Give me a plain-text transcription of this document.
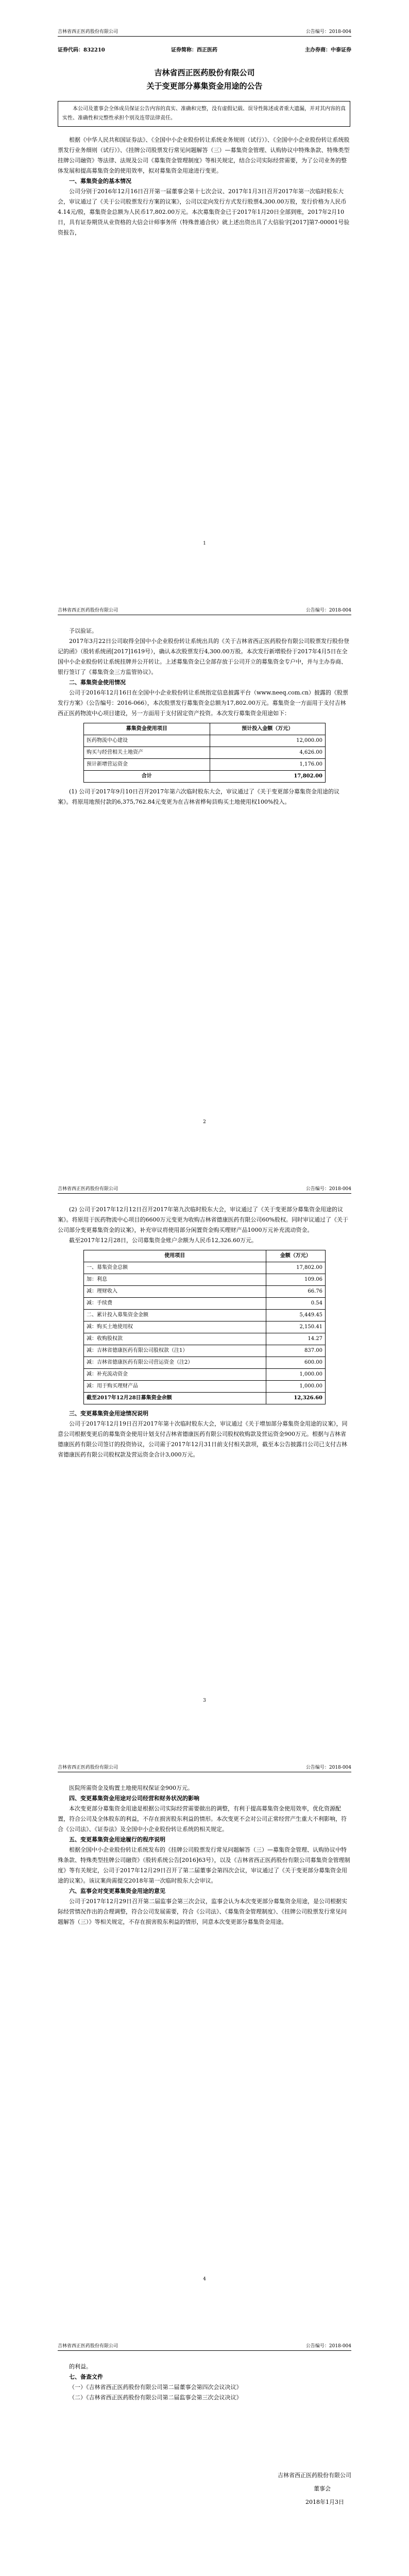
吉林省西正医药股份有限公司	公告编号：2018-004
证券代码：832210	证券简称：西正医药	主办券商：中泰证券
吉林省西正医药股份有限公司
关于变更部分募集资金用途的公告
本公司及董事会全体成员保证公告内容的真实、准确和完整，没有虚假记载、误导性陈述或者重大遗漏，并对其内容的真实性、准确性和完整性承担个别及连带法律责任。

根据《中华人民共和国证券法》、《全国中小企业股份转让系统业务规则（试行）》、《全国中小企业股份转让系统股票发行业务细则（试行）》、《挂牌公司股票发行常见问题解答（三）—募集资金管理、认购协议中特殊条款、特殊类型挂牌公司融资》等法律、法规及公司《募集资金管理制度》等相关规定，结合公司实际经营需要，为了公司业务的整体发展和提高募集资金的使用效率，拟对募集资金用途进行变更。

一、募集资金的基本情况

公司分别于2016年12月16日召开第一届董事会第十七次会议、2017年1月3日召开2017年第一次临时股东大会，审议通过了《关于公司股票发行方案的议案》，公司以定向发行方式发行股票4,300.00万股，发行价格为人民币4.14元/股，募集资金总额为人民币17,802.00万元。本次募集资金已于2017年1月20日全部到账，2017年2月10日，具有证券期货从业资格的大信会计师事务所（特殊普通合伙）就上述出资出具了大信验字[2017]第7-00001号验资报告，

1
吉林省西正医药股份有限公司	公告编号：2018-004

予以验证。

2017年3月22日公司取得全国中小企业股份转让系统出具的《关于吉林省西正医药股份有限公司股票发行股份登记的函》（股转系统函[2017]1619号），确认本次股票发行4,300.00万股。本次发行新增股份于2017年4月5日在全国中小企业股份转让系统挂牌并公开转让。上述募集资金已全部存放于公司开立的募集资金专户中，并与主办券商、银行签订了《募集资金三方监管协议》。

二、募集资金使用情况

公司于2016年12月16日在全国中小企业股份转让系统指定信息披露平台（www.neeq.com.cn）披露的《股票发行方案》（公告编号：2016-066），本次股票发行募集资金总额为17,802.00万元。募集资金一方面用于支付吉林西正医药物流中心项目建设，另一方面用于支付固定资产投资。本次发行募集资金用途如下：

募集资金使用项目	预计投入金额（万元）
医药物流中心建设	12,000.00
购买与经营相关土地资产	4,626.00
预计新增营运资金	1,176.00
合计	17,802.00

(1) 公司于2017年9月10日召开2017年第六次临时股东大会，审议通过了《关于变更部分募集资金用途的议案》。将原用地预付款的6,375,762.84元变更为在吉林省桦甸县购买土地使用权100%投入。

2
吉林省西正医药股份有限公司	公告编号：2018-004

(2) 公司于2017年12月12日召开2017年第九次临时股东大会，审议通过了《关于变更部分募集资金用途的议案》。将原用于医药物流中心项目的6600万元变更为收购吉林省德康医药有限公司60%股权。同时审议通过了《关于公司部分变更募集资金的议案》，补充审议将使用部分闲置资金购买理财产品1000万元补充流动资金。

截至2017年12月28日，公司募集资金账户余额为人民币12,326.60万元。

使用项目	金额（万元）
一、募集资金总额	17,802.00
加：利息	109.06
减：理财收入	66.76
减：手续费	0.54
二、累计投入募集资金金额	5,449.45
减：购买土地使用权	2,150.41
减：收购股权款	14.27
减：吉林省德康医药有限公司股权款（注1）	837.00
减：吉林省德康医药有限公司营运资金（注2）	600.00
减：补充流动资金	1,000.00
减：用于购买理财产品	1,000.00
截至2017年12月28日募集资金余额	12,326.60

三、变更募集资金用途情况说明

公司于2017年12月19日召开2017年第十次临时股东大会，审议通过《关于增加部分募集资金用途的议案》，同意公司根据变更后的募集资金使用计划支付吉林省德康医药有限公司股权收购款及营运资金900万元。根据与吉林省德康医药有限公司签订的投资协议，公司需于2017年12月31日前支付相关款项，截至本公告披露日公司已支付吉林省德康医药有限公司股权款及营运资金合计3,000万元。

3
吉林省西正医药股份有限公司	公告编号：2018-004

医院所需资金及购置土地使用权保证金900万元。

四、变更募集资金用途对公司经营和财务状况的影响

本次变更部分募集资金用途是根据公司实际经营需要做出的调整，有利于提高募集资金使用效率，优化资源配置，符合公司及全体股东的利益，不存在损害股东利益的情形。本次变更不会对公司正常经营产生重大不利影响，符合《公司法》、《证券法》及全国中小企业股份转让系统的相关规定。

五、变更募集资金用途履行的程序说明

根据全国中小企业股份转让系统发布的《挂牌公司股票发行常见问题解答（三）—募集资金管理、认购协议中特殊条款、特殊类型挂牌公司融资》（股转系统公告[2016]63号），以及《吉林省西正医药股份有限公司募集资金管理制度》等有关规定，公司于2017年12月29日召开了第二届董事会第四次会议，审议通过了《关于变更部分募集资金用途的议案》。该议案尚需提交2018年第一次临时股东大会审议。

六、监事会对变更募集资金用途的意见

公司于2017年12月29日召开第二届监事会第三次会议，监事会认为本次变更部分募集资金用途，是公司根据实际经营情况作出的合理调整，符合公司发展需要，符合《公司法》、《募集资金管理制度》、《挂牌公司股票发行常见问题解答（三）》等相关规定，不存在损害股东利益的情形，同意本次变更部分募集资金用途。

4
吉林省西正医药股份有限公司	公告编号：2018-004

的利益。

七、备查文件

（一）《吉林省西正医药股份有限公司第二届董事会第四次会议决议》

（二）《吉林省西正医药股份有限公司第二届监事会第三次会议决议》

吉林省西正医药股份有限公司
董事会
2018年1月3日
